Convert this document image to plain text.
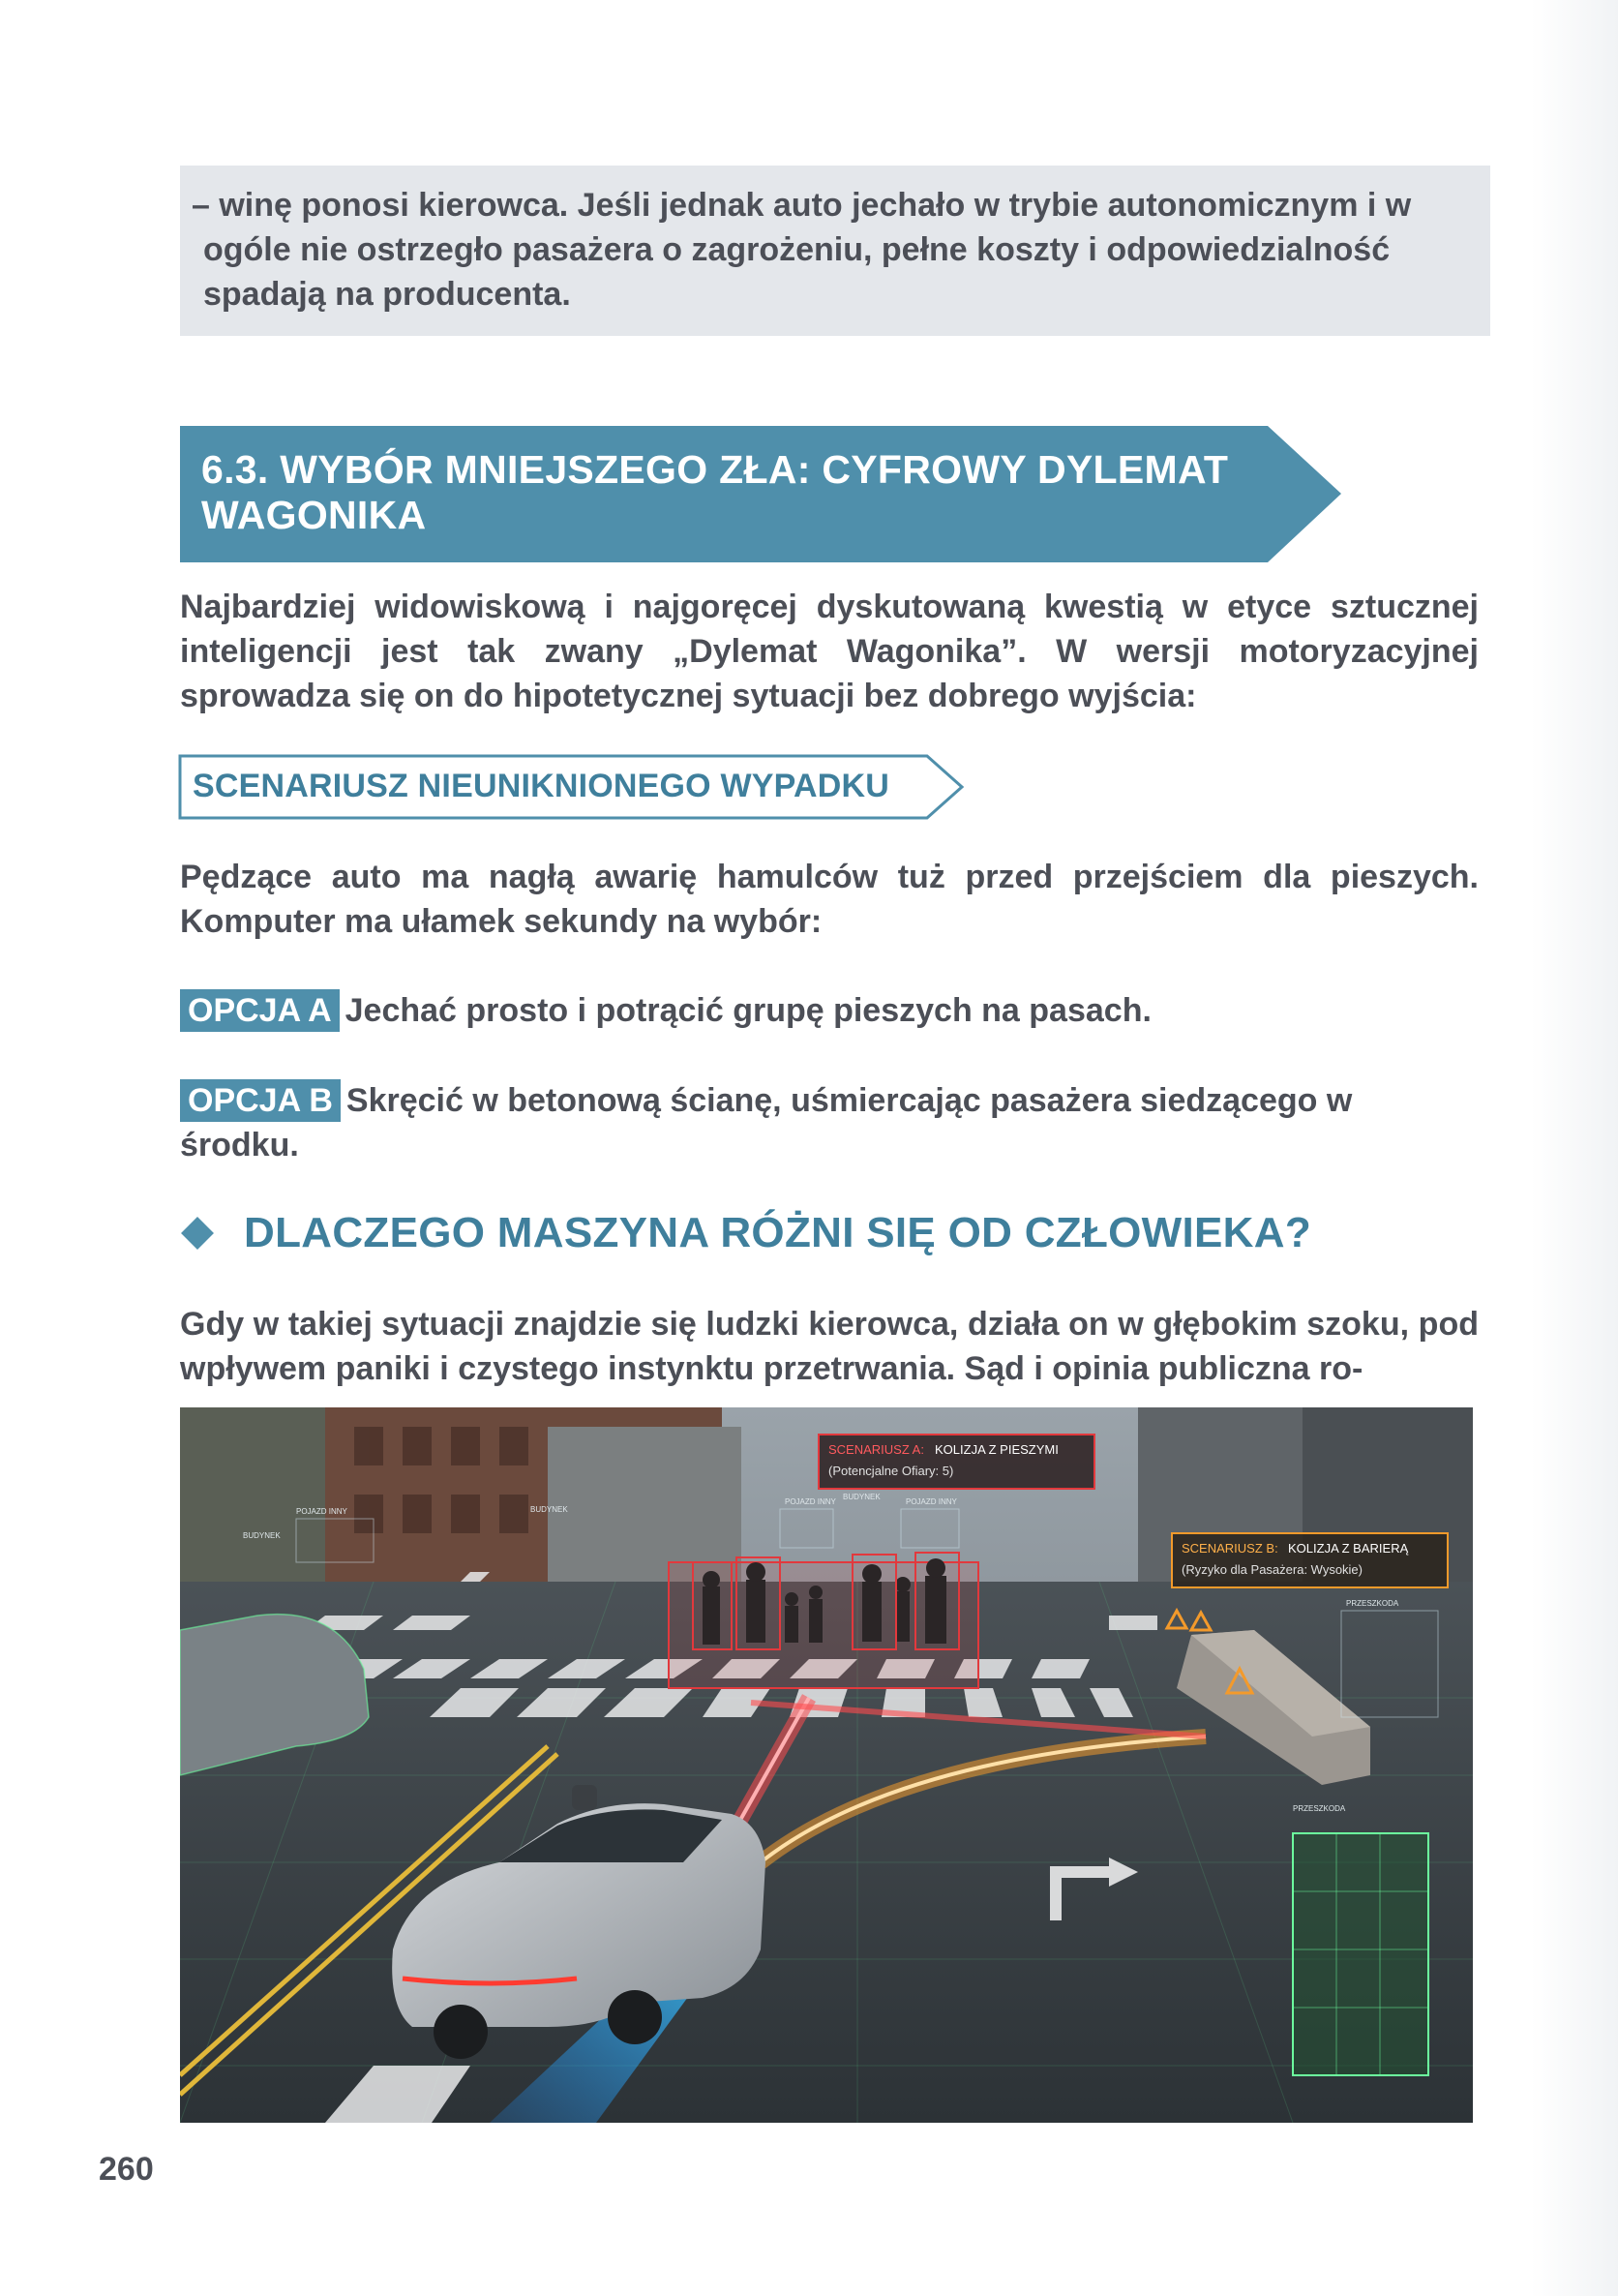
– winę ponosi kierowca. Jeśli jednak auto jechało w trybie autonomicznym i w ogóle nie ostrzegło pasażera o zagrożeniu, pełne koszty i odpowiedzialność spadają na producenta.

6.3. WYBÓR MNIEJSZEGO ZŁA: CYFROWY DYLEMAT WAGONIKA

Najbardziej widowiskową i najgoręcej dyskutowaną kwestią w etyce sztucznej inteligencji jest tak zwany „Dylemat Wagonika”. W wersji motoryzacyjnej sprowadza się on do hipotetycznej sytuacji bez dobrego wyjścia:

SCENARIUSZ NIEUNIKNIONEGO WYPADKU

Pędzące auto ma nagłą awarię hamulców tuż przed przejściem dla pieszych. Komputer ma ułamek sekundy na wybór:

OPCJA A Jechać prosto i potrącić grupę pieszych na pasach.

OPCJA B Skręcić w betonową ścianę, uśmiercając pasażera siedzącego w środku.

DLACZEGO MASZYNA RÓŻNI SIĘ OD CZŁOWIEKA?

Gdy w takiej sytuacji znajdzie się ludzki kierowca, działa on w głębokim szoku, pod wpływem paniki i czystego instynktu przetrwania. Sąd i opinia publiczna ro-

SCENARIUSZ A: KOLIZJA Z PIESZYMI
(Potencjalne Ofiary: 5)
SCENARIUSZ B: KOLIZJA Z BARIERĄ
(Ryzyko dla Pasażera: Wysokie)
BUDYNEK
POJAZD INNY	BUDYNEK
POJAZD INNY
BUDYNEK
POJAZD INNY
PRZESZKODA
PRZESZKODA
260
